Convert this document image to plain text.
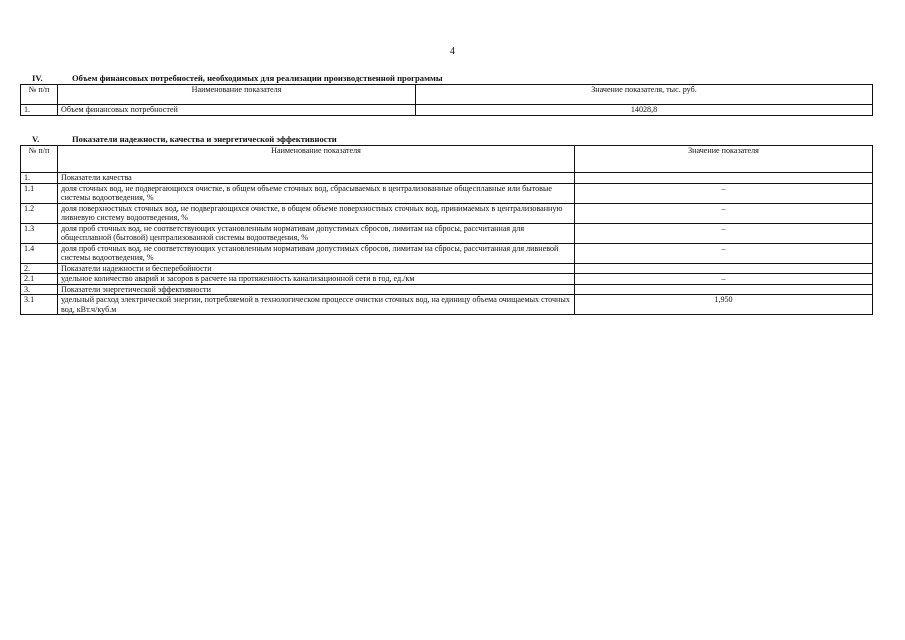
4
IV.	Объем финансовых потребностей, необходимых для реализации производственной программы
№ п/п	Наименование показателя	Значение показателя, тыс. руб.
1.	Объем финансовых потребностей	14028,8
V.	Показатели надежности, качества и энергетической эффективности
№ п/п	Наименование показателя	Значение показателя
1.	Показатели качества	
1.1	доля сточных вод, не подвергающихся очистке, в общем объеме сточных вод, сбрасываемых в централизованные общесплавные или бытовые системы водоотведения, %	–
1.2	доля поверхностных сточных вод, не подвергающихся очистке, в общем объеме поверхностных сточных вод, принимаемых в централизованную ливневую систему водоотведения, %	–
1.3	доля проб сточных вод, не соответствующих установленным нормативам допустимых сбросов, лимитам на сбросы, рассчитанная для общесплавной (бытовой) централизованной системы водоотведения, %	–
1.4	доля проб сточных вод, не соответствующих установленным нормативам допустимых сбросов, лимитам на сбросы, рассчитанная для ливневой системы водоотведения, %	–
2.	Показатели надежности и бесперебойности	
2.1	удельное количество аварий и засоров в расчете на протяженность канализационной сети в год, ед./км	–
3.	Показатели энергетической эффективности	
3.1	удельный расход электрической энергии, потребляемой в технологическом процессе очистки сточных вод, на единицу объема очищаемых сточных вод, кВт.ч/куб.м	1,950
